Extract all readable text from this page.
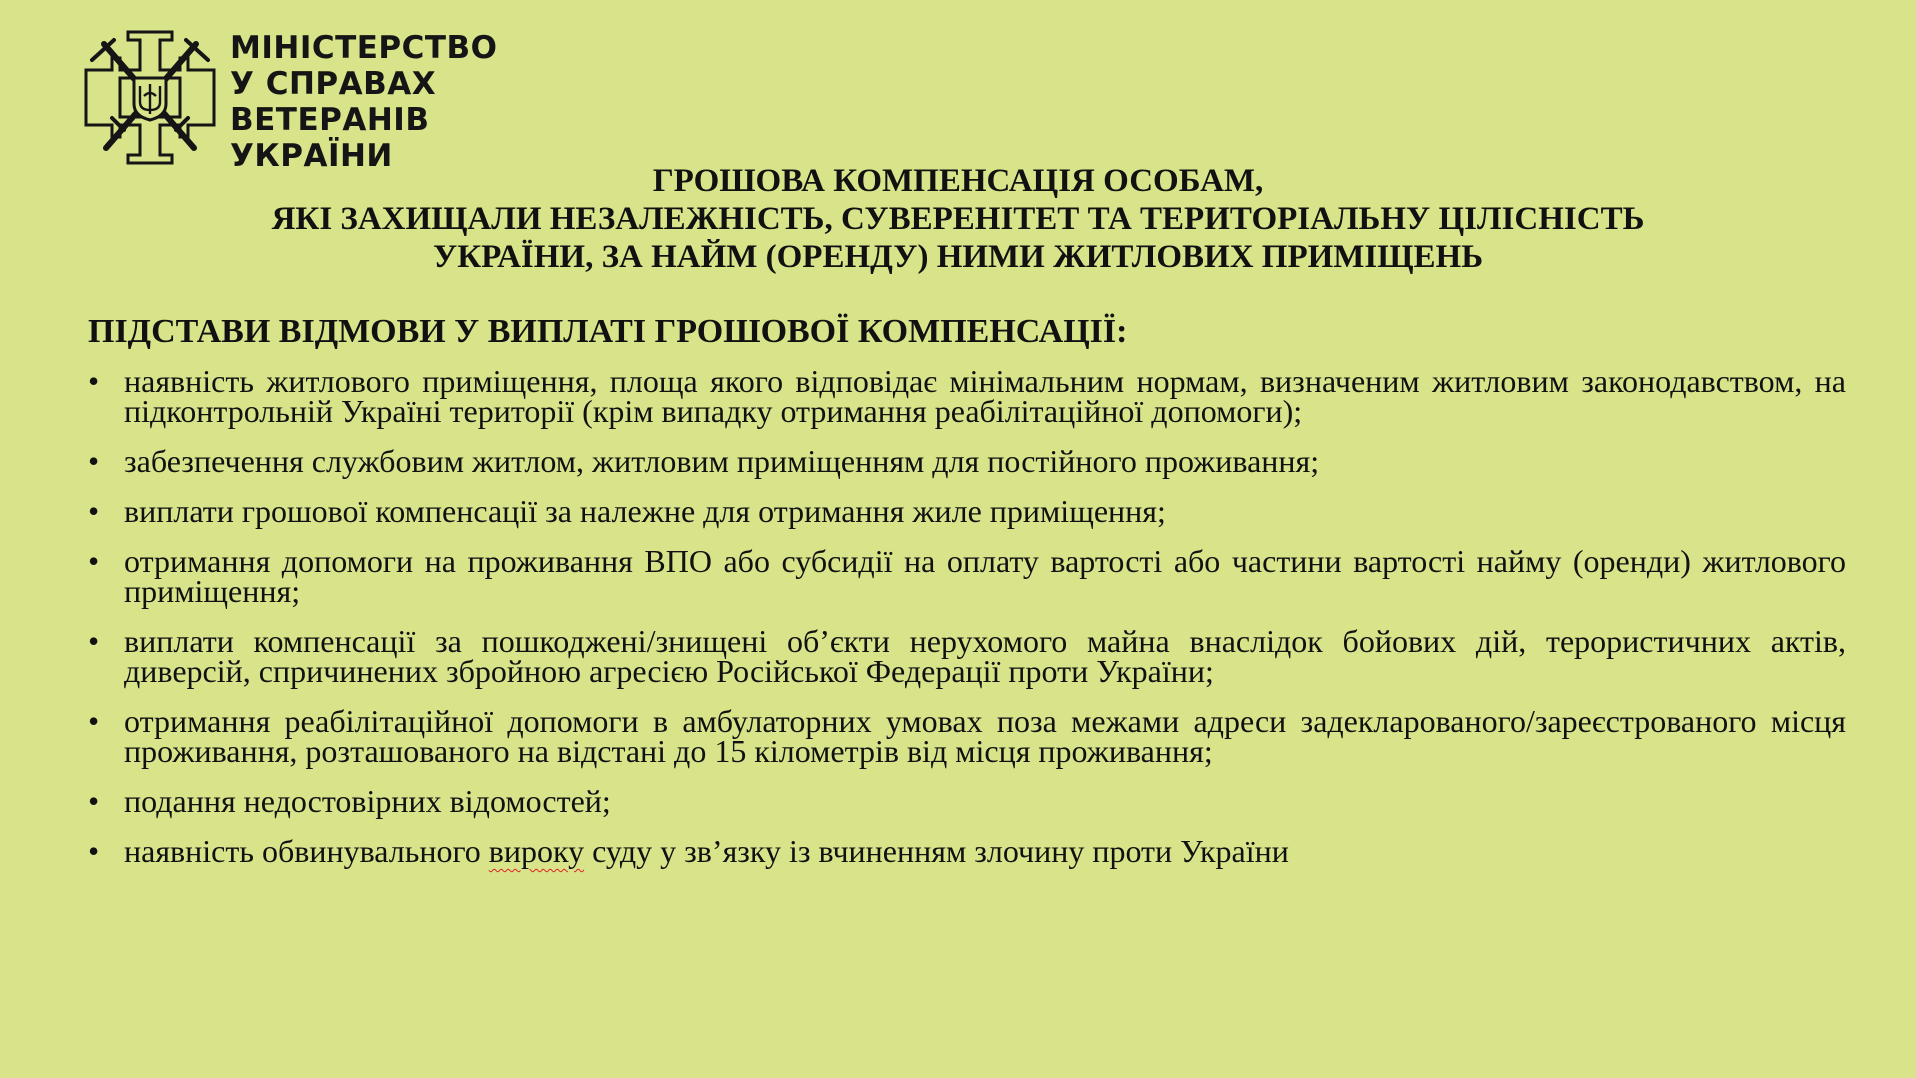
МІНІСТЕРСТВО
У СПРАВАХ
ВЕТЕРАНІВ
УКРАЇНИ
ГРОШОВА КОМПЕНСАЦІЯ ОСОБАМ,
ЯКІ ЗАХИЩАЛИ НЕЗАЛЕЖНІСТЬ, СУВЕРЕНІТЕТ ТА ТЕРИТОРІАЛЬНУ ЦІЛІСНІСТЬ
УКРАЇНИ, ЗА НАЙМ (ОРЕНДУ) НИМИ ЖИТЛОВИХ ПРИМІЩЕНЬ
ПІДСТАВИ ВІДМОВИ У ВИПЛАТІ ГРОШОВОЇ КОМПЕНСАЦІЇ:
• наявність житлового приміщення, площа якого відповідає мінімальним нормам, визначеним житловим законодавством, на підконтрольній Україні території (крім випадку отримання реабілітаційної допомоги);
• забезпечення службовим житлом, житловим приміщенням для постійного проживання;
• виплати грошової компенсації за належне для отримання жиле приміщення;
• отримання допомоги на проживання ВПО або субсидії на оплату вартості або частини вартості найму (оренди) житлового приміщення;
• виплати компенсації за пошкоджені/знищені об’єкти нерухомого майна внаслідок бойових дій, терористичних актів, диверсій, спричинених збройною агресією Російської Федерації проти України;
• отримання реабілітаційної допомоги в амбулаторних умовах поза межами адреси задекларованого/зареєстрованого місця проживання, розташованого на відстані до 15 кілометрів від місця проживання;
• подання недостовірних відомостей;
• наявність обвинувального вироку суду у зв’язку із вчиненням злочину проти України
